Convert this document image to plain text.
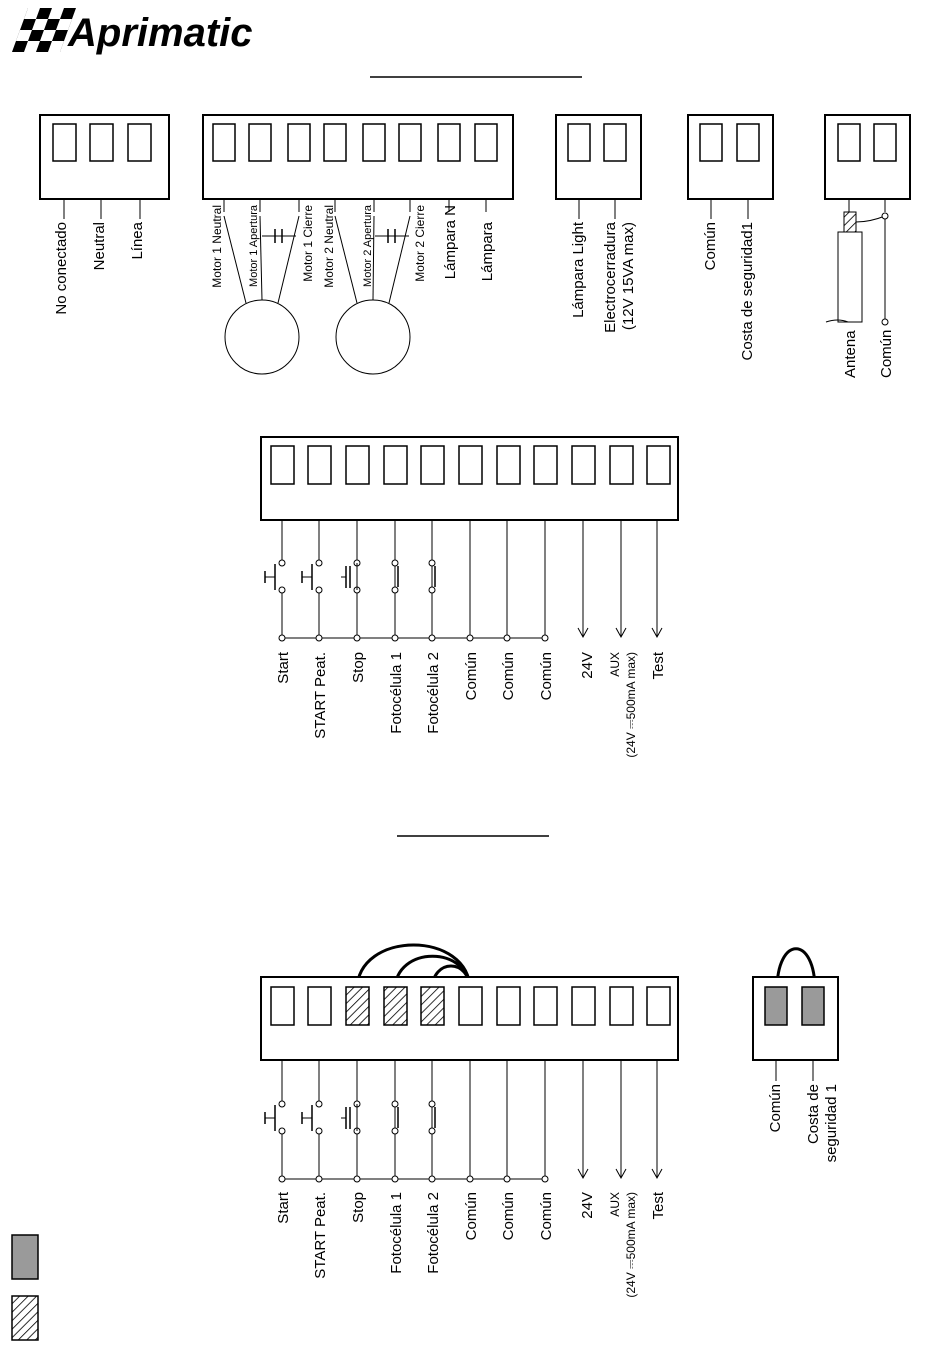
Aprimatic
No conectado Neutral Línea	Motor 1 Neutral Motor 1 Apertura	Motor 1 Cierre Motor 2 Neutral Motor 2 Apertura	Motor 2 Cierre Lámpara N Lámpara	Lámpara Light Electrocerradura (12V 15VA max)	Común Costa de seguridad1	Antena Común
Start START Peat. Stop Fotocélula 1 Fotocélula 2 Común Común Común 24V AUX (24V ⎓500mA max) Test
Start START Peat. Stop Fotocélula 1 Fotocélula 2 Común Común Común 24V AUX (24V ⎓500mA max) Test
Común Costa de seguridad 1
